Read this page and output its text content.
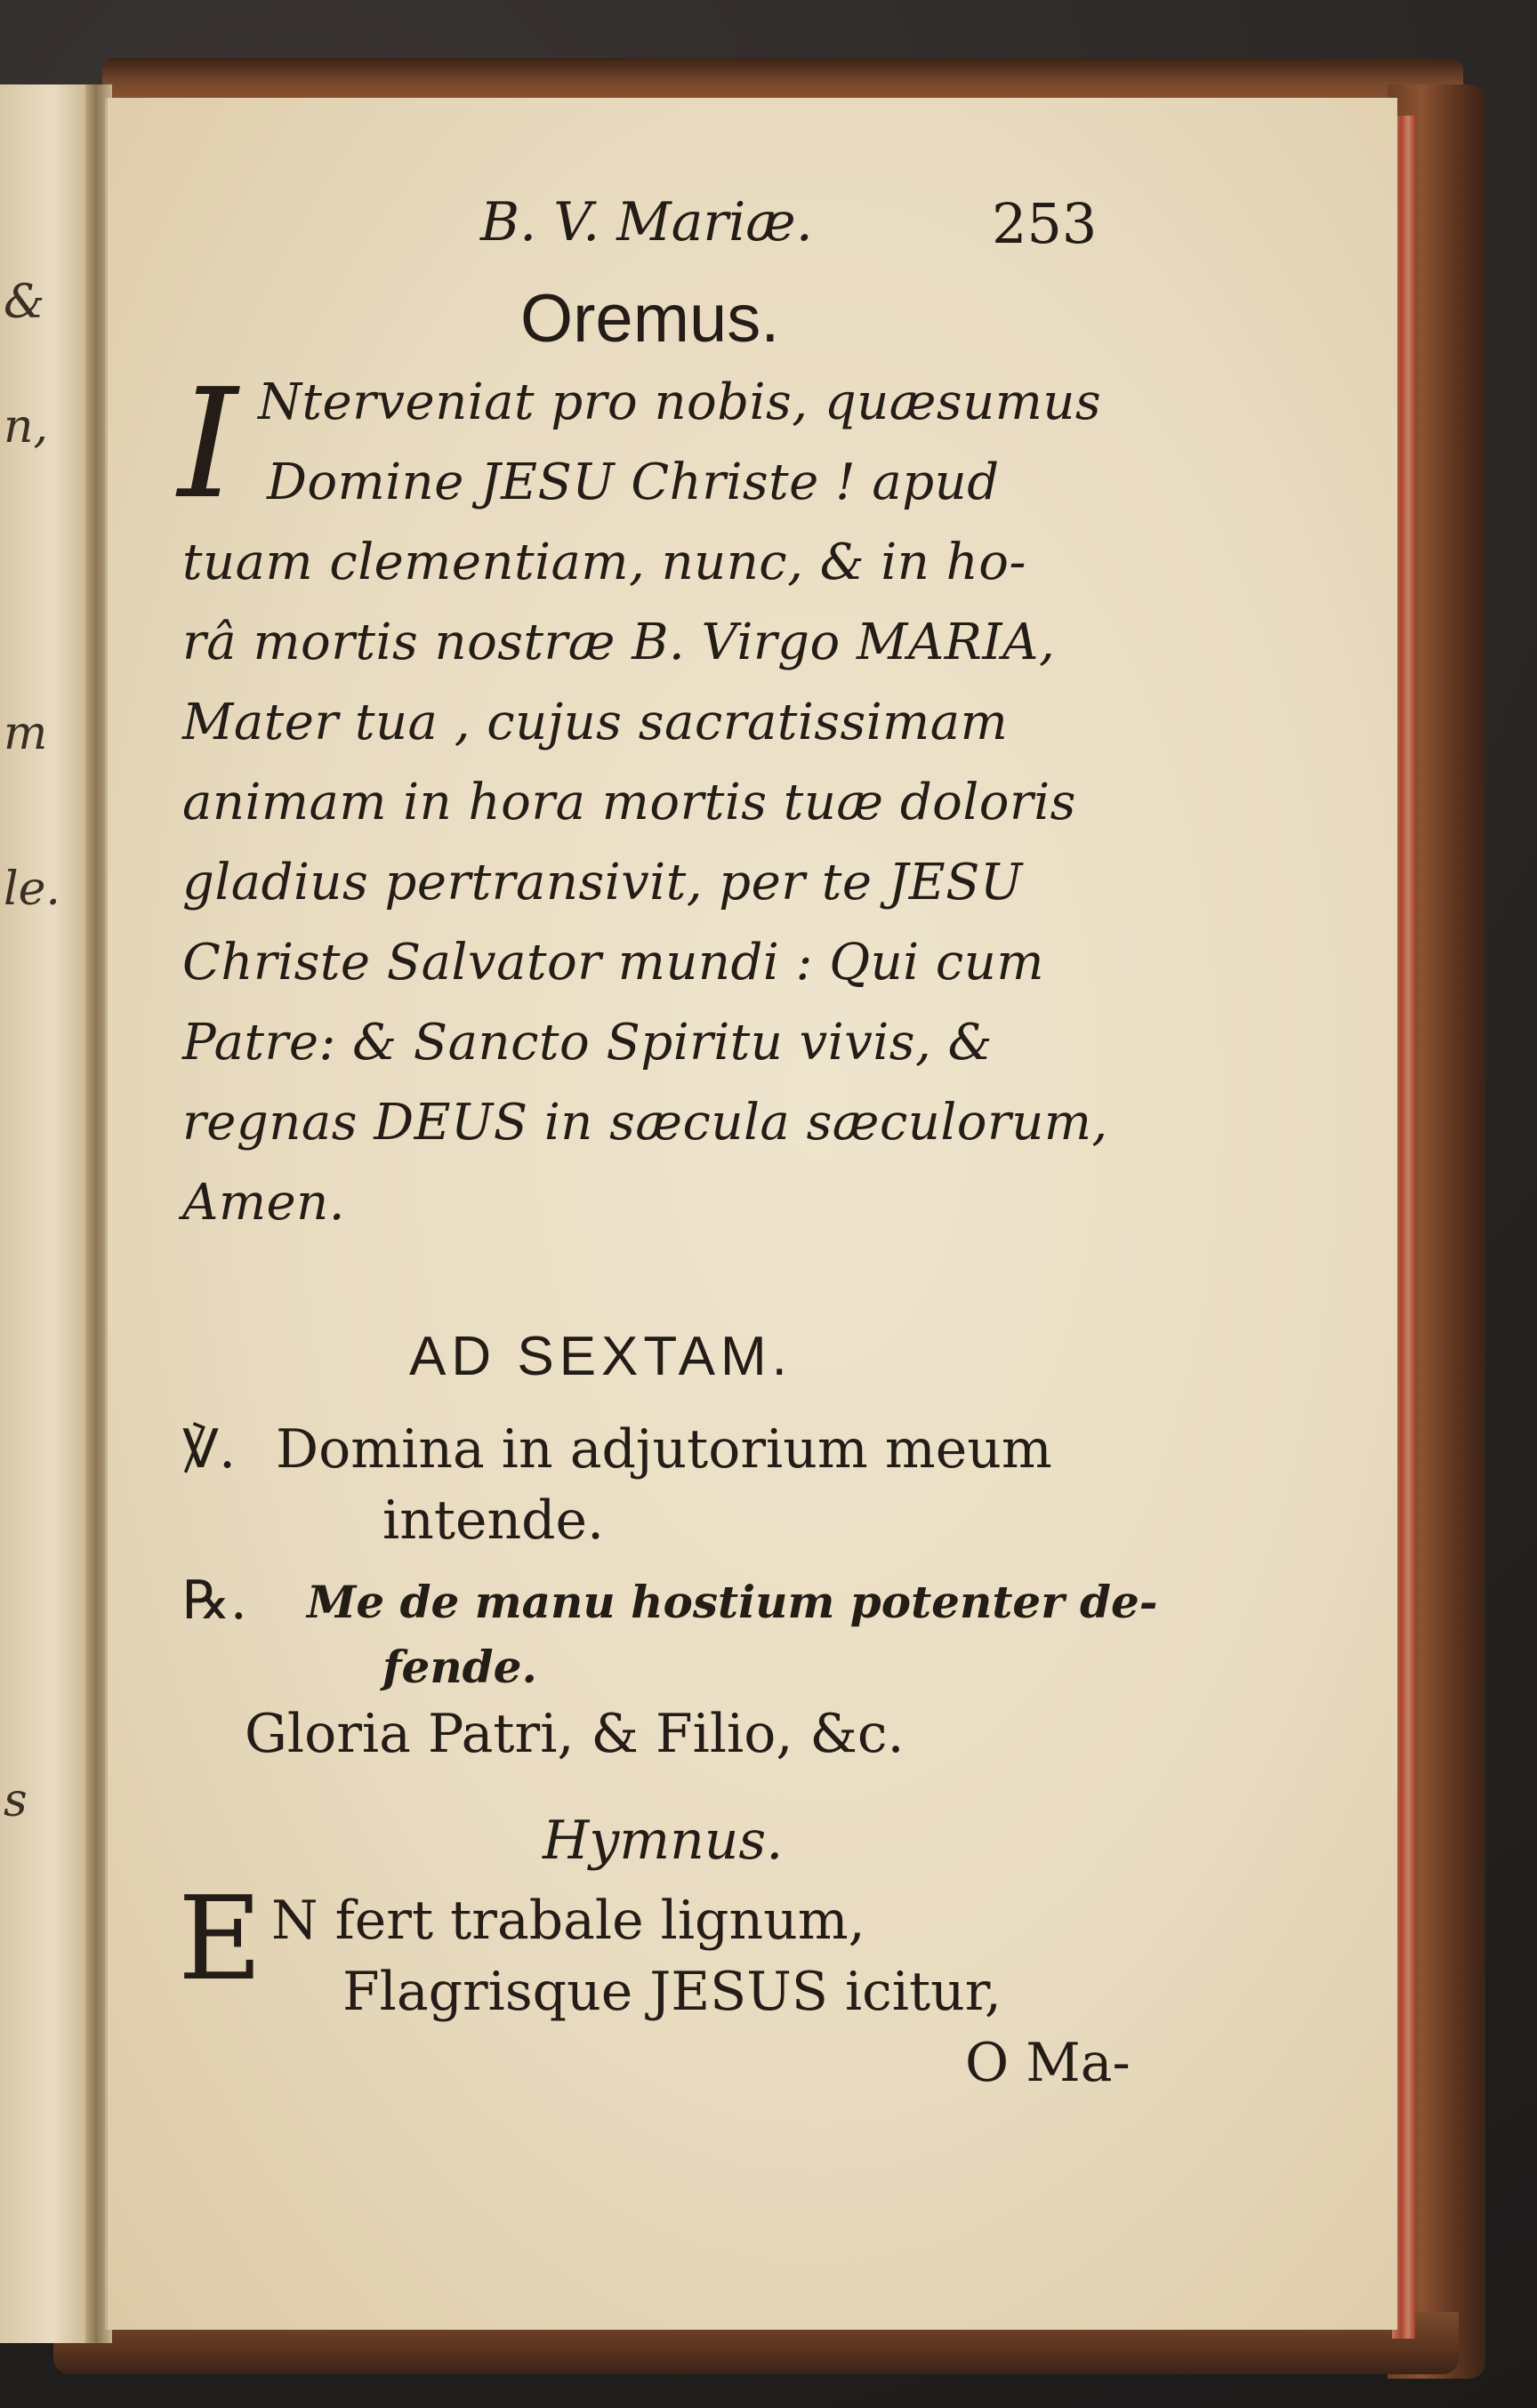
&
n,
m
le.
s
B. V. Mariæ.	253
Oremus.
I Nterveniat pro nobis, quæsumus
Domine JESU Christe ! apud
tuam clementiam, nunc, & in ho-
râ mortis nostræ B. Virgo MARIA,
Mater tua , cujus sacratissimam
animam in hora mortis tuæ doloris
gladius pertransivit, per te JESU
Christe Salvator mundi : Qui cum
Patre: & Sancto Spiritu vivis, &
regnas DEUS in sæcula sæculorum,
Amen.
AD SEXTAM.
℣. Domina in adjutorium meum
intende.
℞. Me de manu hostium potenter de-
fende.
Gloria Patri, & Filio, &c.
Hymnus.
E N fert trabale lignum,
Flagrisque JESUS icitur,
O Ma-
